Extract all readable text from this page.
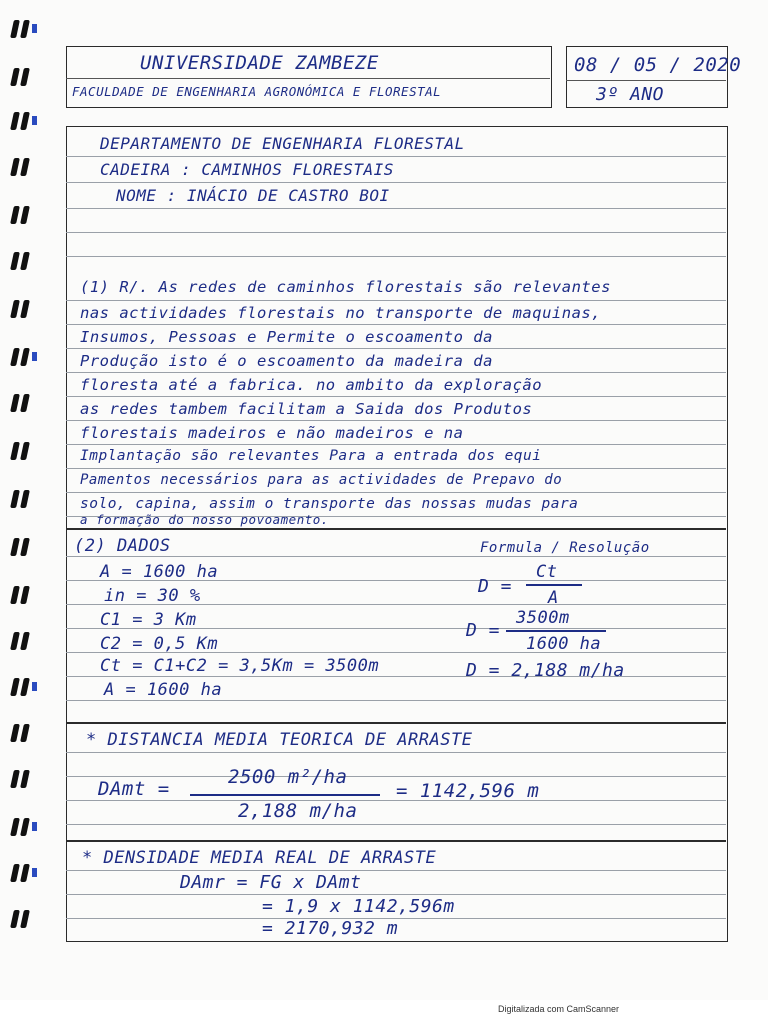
UNIVERSIDADE ZAMBEZE
FACULDADE DE ENGENHARIA AGRONÓMICA E FLORESTAL
08 / 05 / 2020
3º ANO
DEPARTAMENTO DE ENGENHARIA FLORESTAL
CADEIRA : CAMINHOS FLORESTAIS
NOME : INÁCIO DE CASTRO BOI
(1) R/. As redes de caminhos florestais são relevantes
nas actividades florestais no transporte de maquinas,
Insumos, Pessoas e Permite o escoamento da
Produção isto é o escoamento da madeira da
floresta até a fabrica. no ambito da exploração
as redes tambem facilitam a Saida dos Produtos
florestais madeiros e não madeiros e na
Implantação são relevantes Para a entrada dos equi
Pamentos necessários para as actividades de Prepavo do
solo, capina, assim o transporte das nossas mudas para
a formação do nosso povoamento.
(2) DADOS	Formula / Resolução
A = 1600 ha
in = 30 %
C1 = 3 Km
C2 = 0,5 Km
Ct = C1+C2 = 3,5Km = 3500m
A = 1600 ha
D =
Ct
A
D =
3500m
1600 ha
D = 2,188 m/ha
* DISTANCIA MEDIA TEORICA DE ARRASTE
DAmt =
2500 m²/ha
2,188 m/ha
= 1142,596 m
* DENSIDADE MEDIA REAL DE ARRASTE
DAmr = FG x DAmt
= 1,9 x 1142,596m
= 2170,932 m
Digitalizada com CamScanner
